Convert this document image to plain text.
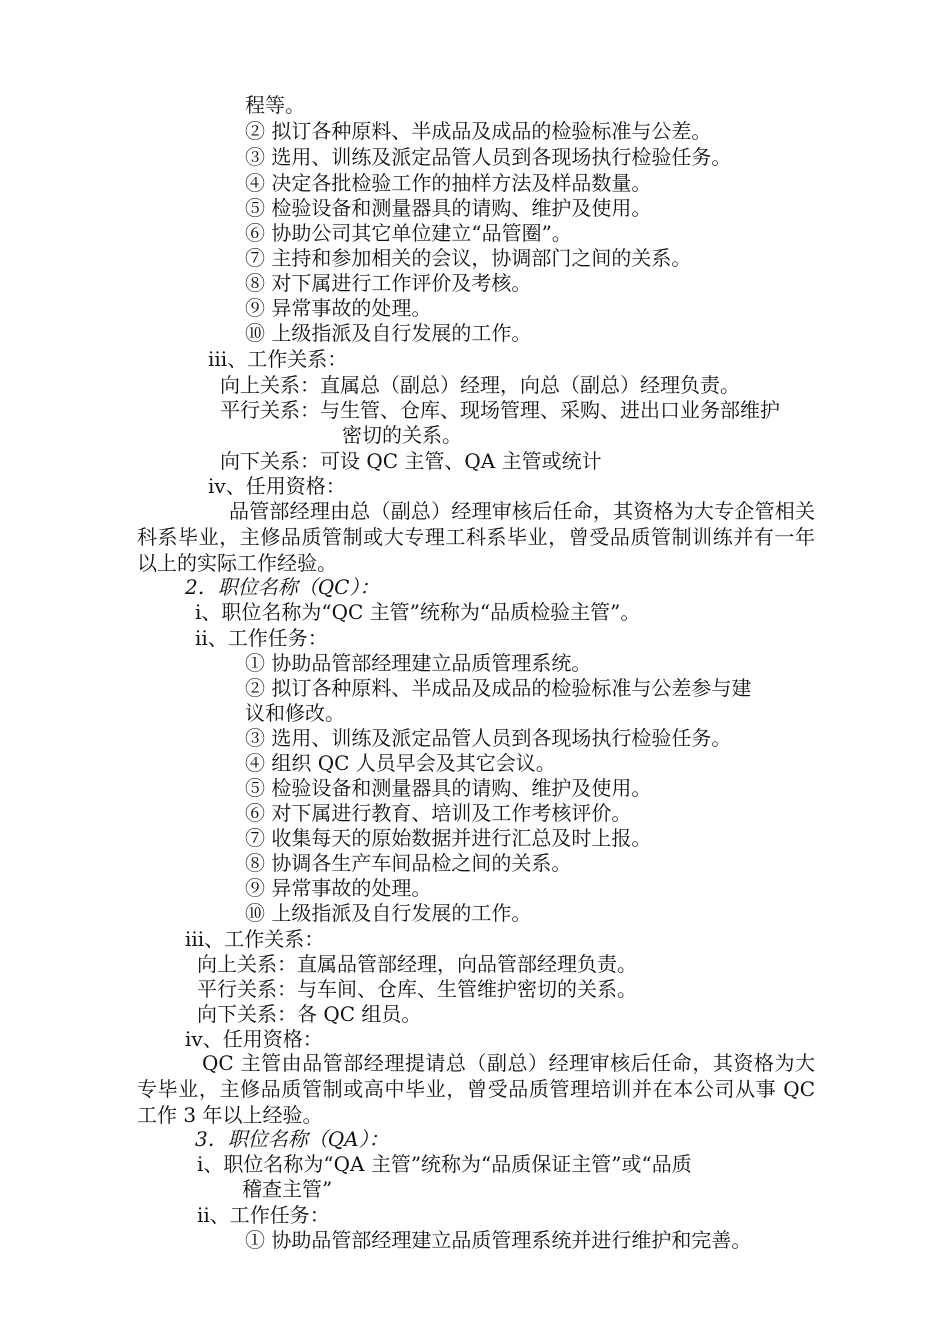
程等。
② 拟订各种原料、半成品及成品的检验标准与公差。
③ 选用、训练及派定品管人员到各现场执行检验任务。
④ 决定各批检验工作的抽样方法及样品数量。
⑤ 检验设备和测量器具的请购、维护及使用。
⑥ 协助公司其它单位建立“品管圈”。
⑦ 主持和参加相关的会议，协调部门之间的关系。
⑧ 对下属进行工作评价及考核。
⑨ 异常事故的处理。
⑩ 上级指派及自行发展的工作。
iii、工作关系：
向上关系：直属总（副总）经理，向总（副总）经理负责。
平行关系：与生管、仓库、现场管理、采购、进出口业务部维护
密切的关系。
向下关系：可设 QC 主管、QA 主管或统计
iv、任用资格：

品管部经理由总（副总）经理审核后任命，其资格为大专企管相关科系毕业，主修品质管制或大专理工科系毕业，曾受品质管制训练并有一年以上的实际工作经验。

2．职位名称（QC）：
ⅰ、职位名称为“QC 主管”统称为“品质检验主管”。
ⅱ、工作任务：
① 协助品管部经理建立品质管理系统。
② 拟订各种原料、半成品及成品的检验标准与公差参与建
议和修改。
③ 选用、训练及派定品管人员到各现场执行检验任务。
④ 组织 QC 人员早会及其它会议。
⑤ 检验设备和测量器具的请购、维护及使用。
⑥ 对下属进行教育、培训及工作考核评价。
⑦ 收集每天的原始数据并进行汇总及时上报。
⑧ 协调各生产车间品检之间的关系。
⑨ 异常事故的处理。
⑩ 上级指派及自行发展的工作。
iii、工作关系：
向上关系：直属品管部经理，向品管部经理负责。
平行关系：与车间、仓库、生管维护密切的关系。
向下关系：各 QC 组员。
iv、任用资格：

QC 主管由品管部经理提请总（副总）经理审核后任命，其资格为大专毕业，主修品质管制或高中毕业，曾受品质管理培训并在本公司从事 QC 工作 3 年以上经验。

3．职位名称（QA）：
ⅰ、职位名称为“QA 主管”统称为“品质保证主管”或“品质
稽查主管”
ⅱ、工作任务：
① 协助品管部经理建立品质管理系统并进行维护和完善。
